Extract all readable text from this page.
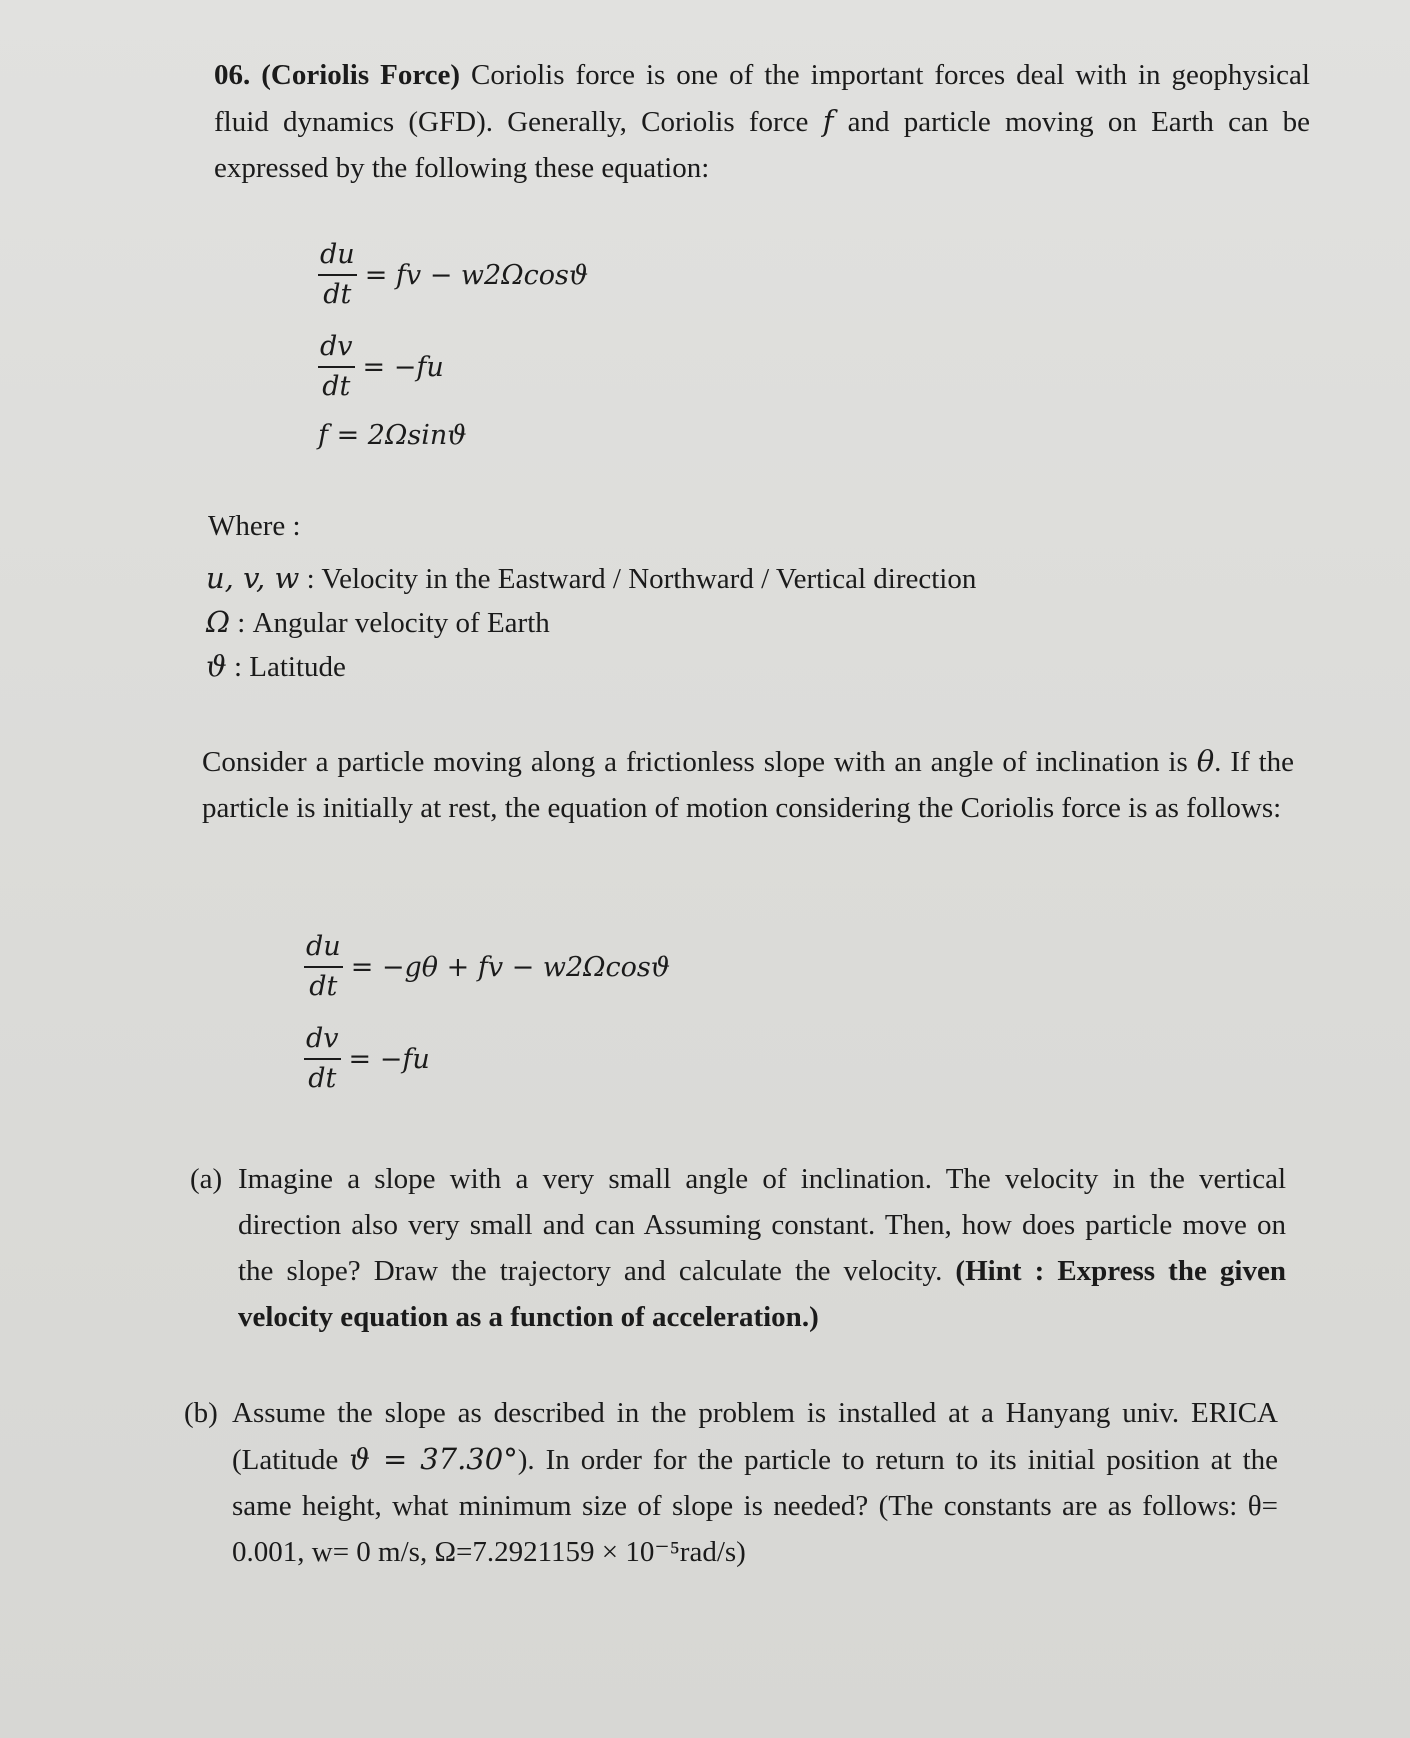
06. (Coriolis Force) Coriolis force is one of the important forces deal with in geophysical fluid dynamics (GFD). Generally, Coriolis force f and particle moving on Earth can be expressed by the following these equation:
$\frac{du}{dt}$ = fv − w2Ωcosϑ
$\frac{dv}{dt} = -fu$
f = 2Ωsinϑ
Where :
u, v, w : Velocity in the Eastward / Northward / Vertical direction
Ω : Angular velocity of Earth
ϑ : Latitude
Consider a particle moving along a frictionless slope with an angle of inclination is θ. If the particle is initially at rest, the equation of motion considering the Coriolis force is as follows:
$\frac{du}{dt} = -g\theta$ + fv − w2Ωcosϑ
$\frac{dv}{dt} = -fu$
(a) Imagine a slope with a very small angle of inclination. The velocity in the vertical direction also very small and can Assuming constant. Then, how does particle move on the slope? Draw the trajectory and calculate the velocity. (Hint : Express the given velocity equation as a function of acceleration.)
(b) Assume the slope as described in the problem is installed at a Hanyang univ. ERICA (Latitude ϑ = 37.30°). In order for the particle to return to its initial position at the same height, what minimum size of slope is needed? (The constants are as follows: θ= 0.001, w= 0 m/s, Ω=7.2921159 × 10⁻⁵rad/s)
